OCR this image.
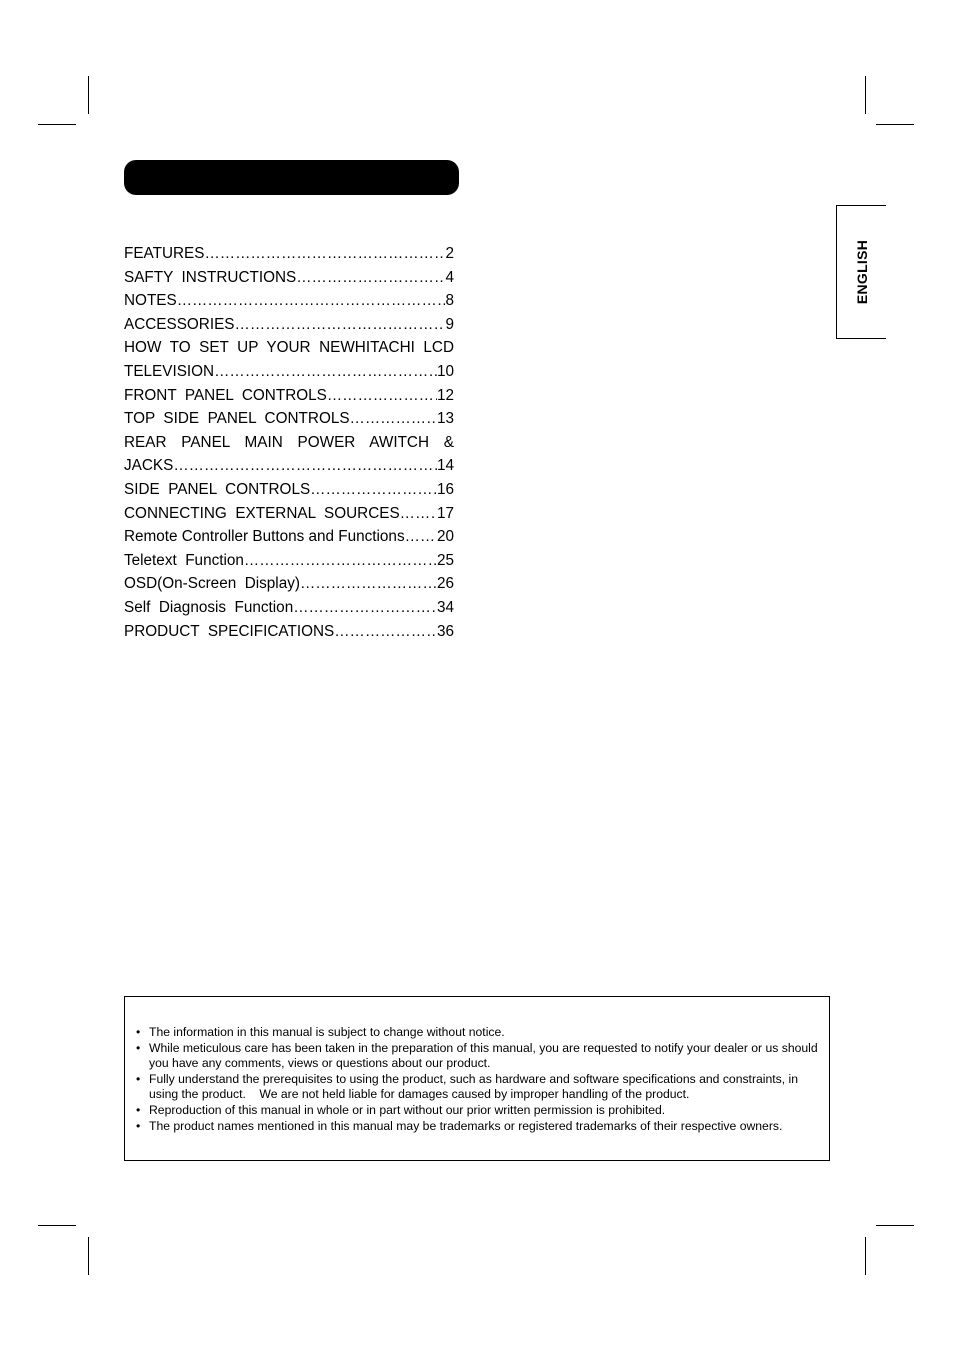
FEATURES ……………………………………………………………………………………………………………………………………	2
SAFTY  INSTRUCTIONS ……………………………………………………………………………………………………………………………………	4
NOTES ……………………………………………………………………………………………………………………………………	8
ACCESSORIES ……………………………………………………………………………………………………………………………………	9
HOW TO SET UP YOUR NEWHITACHI LCD
TELEVISION ……………………………………………………………………………………………………………………………………	10
FRONT  PANEL  CONTROLS ……………………………………………………………………………………………………………………………………	12
TOP  SIDE  PANEL  CONTROLS ……………………………………………………………………………………………………………………………………	13
REAR PANEL MAIN POWER AWITCH &
JACKS ……………………………………………………………………………………………………………………………………	14
SIDE  PANEL  CONTROLS ……………………………………………………………………………………………………………………………………	16
CONNECTING  EXTERNAL  SOURCES …………………………………………………………………………………………………………………………………… 17
Remote Controller Buttons and Functions …………………………………………………………………………………………………………………………………… 20
Teletext  Function ……………………………………………………………………………………………………………………………………	25
OSD(On-Screen  Display) ……………………………………………………………………………………………………………………………………	26
Self  Diagnosis  Function ……………………………………………………………………………………………………………………………………	34
PRODUCT  SPECIFICATIONS ……………………………………………………………………………………………………………………………………	36
ENGLISH
• The information in this manual is subject to change without notice.
• While meticulous care has been taken in the preparation of this manual, you are requested to notify your dealer or us should you have any comments, views or questions about our product.
• Fully understand the prerequisites to using the product, such as hardware and software specifications and constraints, in using the product.    We are not held liable for damages caused by improper handling of the product.
• Reproduction of this manual in whole or in part without our prior written permission is prohibited.
• The product names mentioned in this manual may be trademarks or registered trademarks of their respective owners.
